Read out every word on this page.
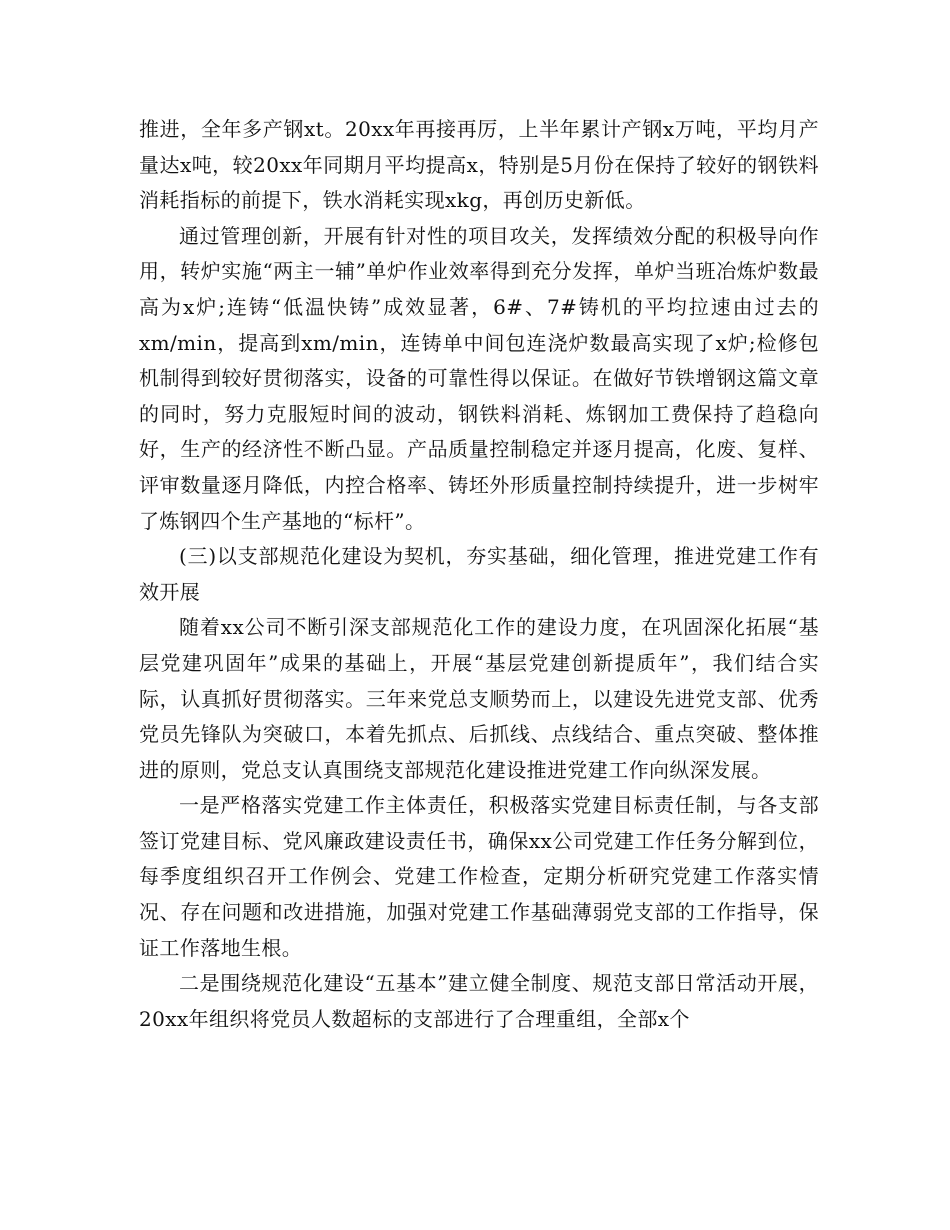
推进，全年多产钢xt。20xx年再接再厉，上半年累计产钢x万吨，平均月产量达x吨，较20xx年同期月平均提高x，特别是5月份在保持了较好的钢铁料消耗指标的前提下，铁水消耗实现xkg，再创历史新低。

通过管理创新，开展有针对性的项目攻关，发挥绩效分配的积极导向作用，转炉实施“两主一辅”单炉作业效率得到充分发挥，单炉当班冶炼炉数最高为x炉;连铸“低温快铸”成效显著，6#、7#铸机的平均拉速由过去的xm/min，提高到xm/min，连铸单中间包连浇炉数最高实现了x炉;检修包机制得到较好贯彻落实，设备的可靠性得以保证。在做好节铁增钢这篇文章的同时，努力克服短时间的波动，钢铁料消耗、炼钢加工费保持了趋稳向好，生产的经济性不断凸显。产品质量控制稳定并逐月提高，化废、复样、评审数量逐月降低，内控合格率、铸坯外形质量控制持续提升，进一步树牢了炼钢四个生产基地的“标杆”。

(三)以支部规范化建设为契机，夯实基础，细化管理，推进党建工作有效开展

随着xx公司不断引深支部规范化工作的建设力度，在巩固深化拓展“基层党建巩固年”成果的基础上，开展“基层党建创新提质年”，我们结合实际，认真抓好贯彻落实。三年来党总支顺势而上，以建设先进党支部、优秀党员先锋队为突破口，本着先抓点、后抓线、点线结合、重点突破、整体推进的原则，党总支认真围绕支部规范化建设推进党建工作向纵深发展。

一是严格落实党建工作主体责任，积极落实党建目标责任制，与各支部签订党建目标、党风廉政建设责任书，确保xx公司党建工作任务分解到位，每季度组织召开工作例会、党建工作检查，定期分析研究党建工作落实情况、存在问题和改进措施，加强对党建工作基础薄弱党支部的工作指导，保证工作落地生根。

二是围绕规范化建设“五基本”建立健全制度、规范支部日常活动开展，20xx年组织将党员人数超标的支部进行了合理重组，全部x个
